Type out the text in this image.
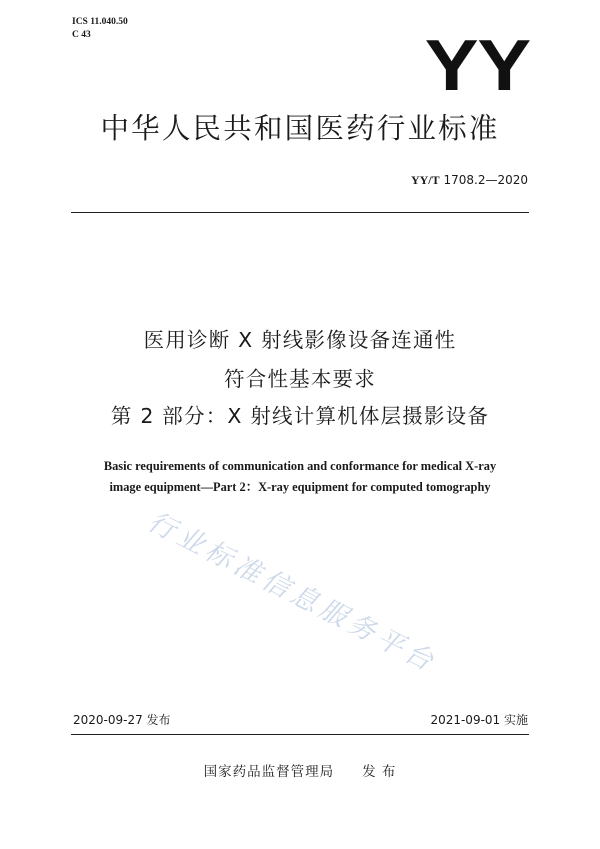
ICS 11.040.50
C 43	YY
中华人民共和国医药行业标准
YY/T 1708.2—2020
医用诊断 X 射线影像设备连通性
符合性基本要求
第 2 部分：X 射线计算机体层摄影设备
Basic requirements of communication and conformance for medical X-ray
image equipment—Part 2：X-ray equipment for computed tomography
行业标准信息服务平台
2020-09-27 发布	2021-09-01 实施
国家药品监督管理局 发 布
